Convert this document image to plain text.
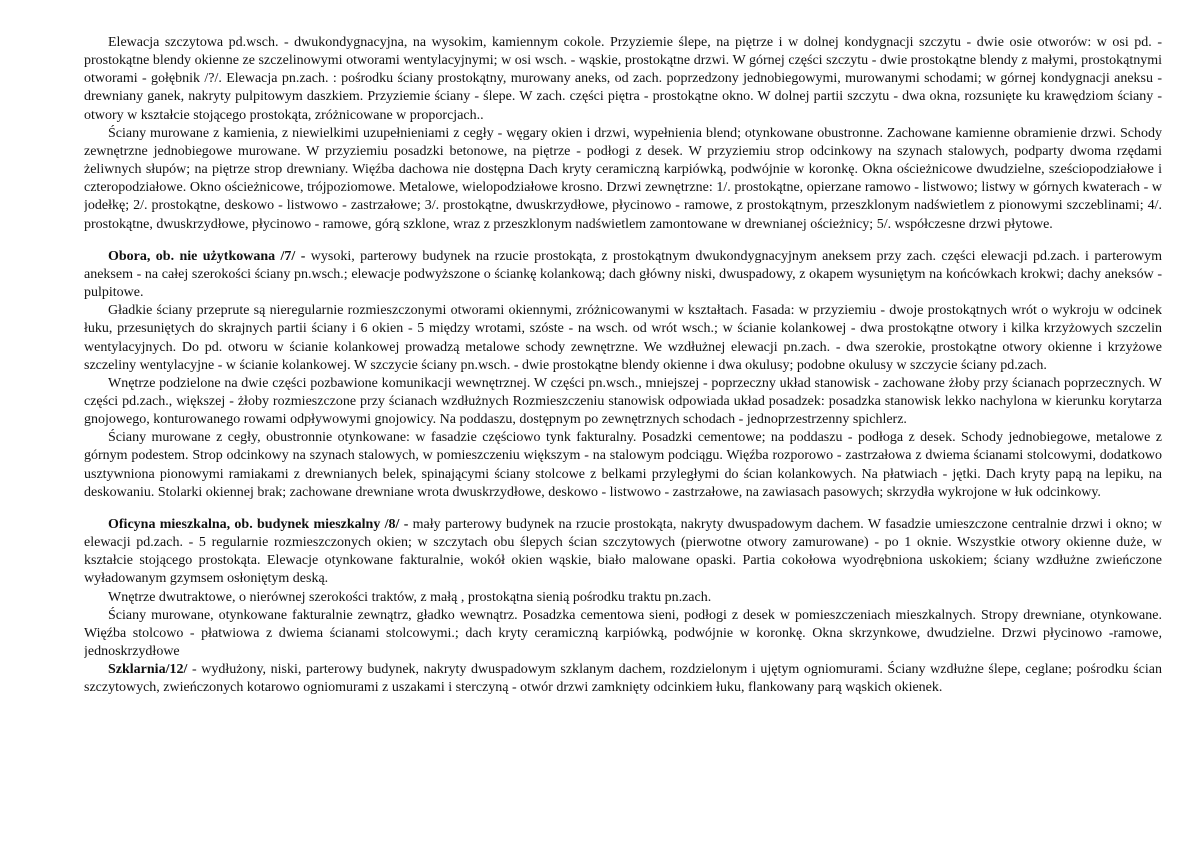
Elewacja szczytowa pd.wsch. - dwukondygnacyjna, na wysokim, kamiennym cokole. Przyziemie ślepe, na piętrze i w dolnej kondygnacji szczytu - dwie osie otworów: w osi pd. - prostokątne blendy okienne ze szczelinowymi otworami wentylacyjnymi; w osi wsch. - wąskie, prostokątne drzwi. W górnej części szczytu - dwie prostokątne blendy z małymi, prostokątnymi otworami - gołębnik /?/. Elewacja pn.zach. : pośrodku ściany prostokątny, murowany aneks, od zach. poprzedzony jednobiegowymi, murowanymi schodami; w górnej kondygnacji aneksu - drewniany ganek, nakryty pulpitowym daszkiem. Przyziemie ściany - ślepe. W zach. części piętra - prostokątne okno. W dolnej partii szczytu - dwa okna, rozsunięte ku krawędziom ściany - otwory w kształcie stojącego prostokąta, zróżnicowane w proporcjach..

Ściany murowane z kamienia, z niewielkimi uzupełnieniami z cegły - węgary okien i drzwi, wypełnienia blend; otynkowane obustronne. Zachowane kamienne obramienie drzwi. Schody zewnętrzne jednobiegowe murowane. W przyziemiu posadzki betonowe, na piętrze - podłogi z desek. W przyziemiu strop odcinkowy na szynach stalowych, podparty dwoma rzędami żeliwnych słupów; na piętrze strop drewniany. Więźba dachowa nie dostępna Dach kryty ceramiczną karpiówką, podwójnie w koronkę. Okna ościeżnicowe dwudzielne, sześciopodziałowe i czteropodziałowe. Okno ościeżnicowe, trójpoziomowe. Metalowe, wielopodziałowe krosno. Drzwi zewnętrzne: 1/. prostokątne, opierzane ramowo - listwowo; listwy w górnych kwaterach - w jodełkę; 2/. prostokątne, deskowo - listwowo - zastrzałowe; 3/. prostokątne, dwuskrzydłowe, płycinowo - ramowe, z prostokątnym, przeszklonym nadświetlem z pionowymi szczeblinami; 4/. prostokątne, dwuskrzydłowe, płycinowo - ramowe, górą szklone, wraz z przeszklonym nadświetlem zamontowane w drewnianej ościeżnicy; 5/. współczesne drzwi płytowe.

Obora, ob. nie użytkowana /7/ - wysoki, parterowy budynek na rzucie prostokąta, z prostokątnym dwukondygnacyjnym aneksem przy zach. części elewacji pd.zach. i parterowym aneksem - na całej szerokości ściany pn.wsch.; elewacje podwyższone o ściankę kolankową; dach główny niski, dwuspadowy, z okapem wysuniętym na końcówkach krokwi; dachy aneksów - pulpitowe.

Gładkie ściany przeprute są nieregularnie rozmieszczonymi otworami okiennymi, zróżnicowanymi w kształtach. Fasada: w przyziemiu - dwoje prostokątnych wrót o wykroju w odcinek łuku, przesuniętych do skrajnych partii ściany i 6 okien - 5 między wrotami, szóste - na wsch. od wrót wsch.; w ścianie kolankowej - dwa prostokątne otwory i kilka krzyżowych szczelin wentylacyjnych. Do pd. otworu w ścianie kolankowej prowadzą metalowe schody zewnętrzne. We wzdłużnej elewacji pn.zach. - dwa szerokie, prostokątne otwory okienne i krzyżowe szczeliny wentylacyjne - w ścianie kolankowej. W szczycie ściany pn.wsch. - dwie prostokątne blendy okienne i dwa okulusy; podobne okulusy w szczycie ściany pd.zach.

Wnętrze podzielone na dwie części pozbawione komunikacji wewnętrznej. W części pn.wsch., mniejszej - poprzeczny układ stanowisk - zachowane żłoby przy ścianach poprzecznych. W części pd.zach., większej - żłoby rozmieszczone przy ścianach wzdłużnych Rozmieszczeniu stanowisk odpowiada układ posadzek: posadzka stanowisk lekko nachylona w kierunku korytarza gnojowego, konturowanego rowami odpływowymi gnojowicy. Na poddaszu, dostępnym po zewnętrznych schodach - jednoprzestrzenny spichlerz.

Ściany murowane z cegły, obustronnie otynkowane: w fasadzie częściowo tynk fakturalny. Posadzki cementowe; na poddaszu - podłoga z desek. Schody jednobiegowe, metalowe z górnym podestem. Strop odcinkowy na szynach stalowych, w pomieszczeniu większym - na stalowym podciągu. Więźba rozporowo - zastrzałowa z dwiema ścianami stolcowymi, dodatkowo usztywniona pionowymi ramiakami z drewnianych belek, spinającymi ściany stolcowe z belkami przyległymi do ścian kolankowych. Na płatwiach - jętki. Dach kryty papą na lepiku, na deskowaniu. Stolarki okiennej brak; zachowane drewniane wrota dwuskrzydłowe, deskowo - listwowo - zastrzałowe, na zawiasach pasowych; skrzydła wykrojone w łuk odcinkowy.

Oficyna mieszkalna, ob. budynek mieszkalny /8/ - mały parterowy budynek na rzucie prostokąta, nakryty dwuspadowym dachem. W fasadzie umieszczone centralnie drzwi i okno; w elewacji pd.zach. - 5 regularnie rozmieszczonych okien; w szczytach obu ślepych ścian szczytowych (pierwotne otwory zamurowane) - po 1 oknie. Wszystkie otwory okienne duże, w kształcie stojącego prostokąta. Elewacje otynkowane fakturalnie, wokół okien wąskie, biało malowane opaski. Partia cokołowa wyodrębniona uskokiem; ściany wzdłużne zwieńczone wyładowanym gzymsem osłoniętym deską.

Wnętrze dwutraktowe, o nierównej szerokości traktów, z małą , prostokątna sienią pośrodku traktu pn.zach.

Ściany murowane, otynkowane fakturalnie zewnątrz, gładko wewnątrz. Posadzka cementowa sieni, podłogi z desek w pomieszczeniach mieszkalnych. Stropy drewniane, otynkowane. Więźba stolcowo - płatwiowa z dwiema ścianami stolcowymi.; dach kryty ceramiczną karpiówką, podwójnie w koronkę. Okna skrzynkowe, dwudzielne. Drzwi płycinowo -ramowe, jednoskrzydłowe

Szklarnia/12/ - wydłużony, niski, parterowy budynek, nakryty dwuspadowym szklanym dachem, rozdzielonym i ujętym ogniomurami. Ściany wzdłużne ślepe, ceglane; pośrodku ścian szczytowych, zwieńczonych kotarowo ogniomurami z uszakami i sterczyną - otwór drzwi zamknięty odcinkiem łuku, flankowany parą wąskich okienek.
